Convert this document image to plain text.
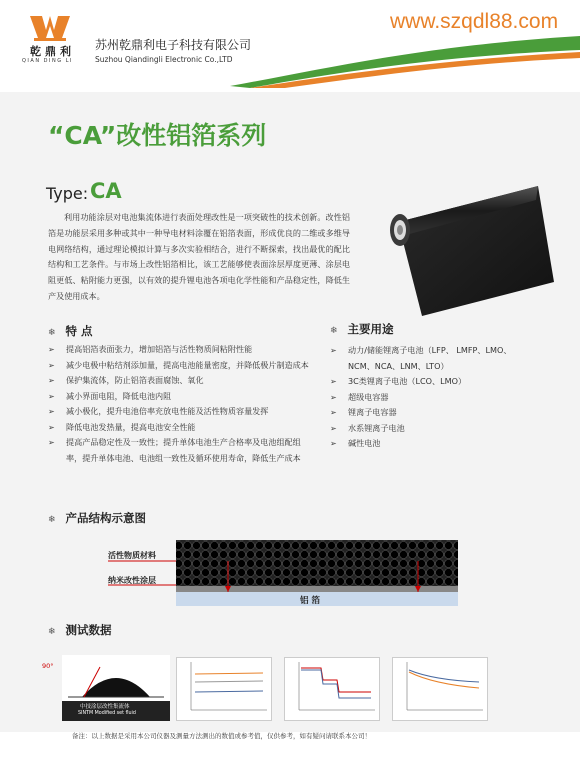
乾鼎利
QIAN DING LI
苏州乾鼎利电子科技有限公司
Suzhou Qiandingli Electronic Co.,LTD
www.szqdl88.com
“CA”改性铝箔系列
Type: CA

利用功能涂层对电池集流体进行表面处理改性是一项突破性的技术创新。改性铝箔是功能层采用多种或其中一种导电材料涂覆在铝箔表面，形成优良的二维或多维导电网络结构，通过理论模拟计算与多次实验相结合，进行不断探索，找出最优的配比结构和工艺条件。与市场上改性铝箔相比，该工艺能够使表面涂层厚度更薄、涂层电阻更低、粘附能力更强，以有效的提升锂电池各项电化学性能和产品稳定性，降低生产及使用成本。

❄ 特 点
➢ 提高铝箔表面张力，增加铝箔与活性物质间粘附性能
➢ 减少电极中粘结剂添加量，提高电池能量密度，并降低极片制造成本
➢ 保护集流体，防止铝箔表面腐蚀、氧化
➢ 减小界面电阻，降低电池内阻
➢ 减小极化，提升电池倍率充放电性能及活性物质容量发挥
➢ 降低电池发热量，提高电池安全性能
➢ 提高产品稳定性及一致性；提升单体电池生产合格率及电池组配组率，提升单体电池、电池组一致性及循环使用寿命，降低生产成本
❄ 主要用途
➢ 动力/储能锂离子电池（LFP、 LMFP、LMO、NCM、NCA、LNM、LTO）
➢ 3C类锂离子电池（LCO、LMO）
➢ 超级电容器
➢ 锂离子电容器
➢ 水系锂离子电池
➢ 碱性电池
❄ 产品结构示意图
活性物质材料
纳米改性涂层
铝 箔
❄ 测试数据
90°
中技涂层改性集流体
SINTM Modified set fluid
备注：以上数据是采用本公司仪器及测量方法测出的数值或参考值，仅供参考，如有疑问请联系本公司！
